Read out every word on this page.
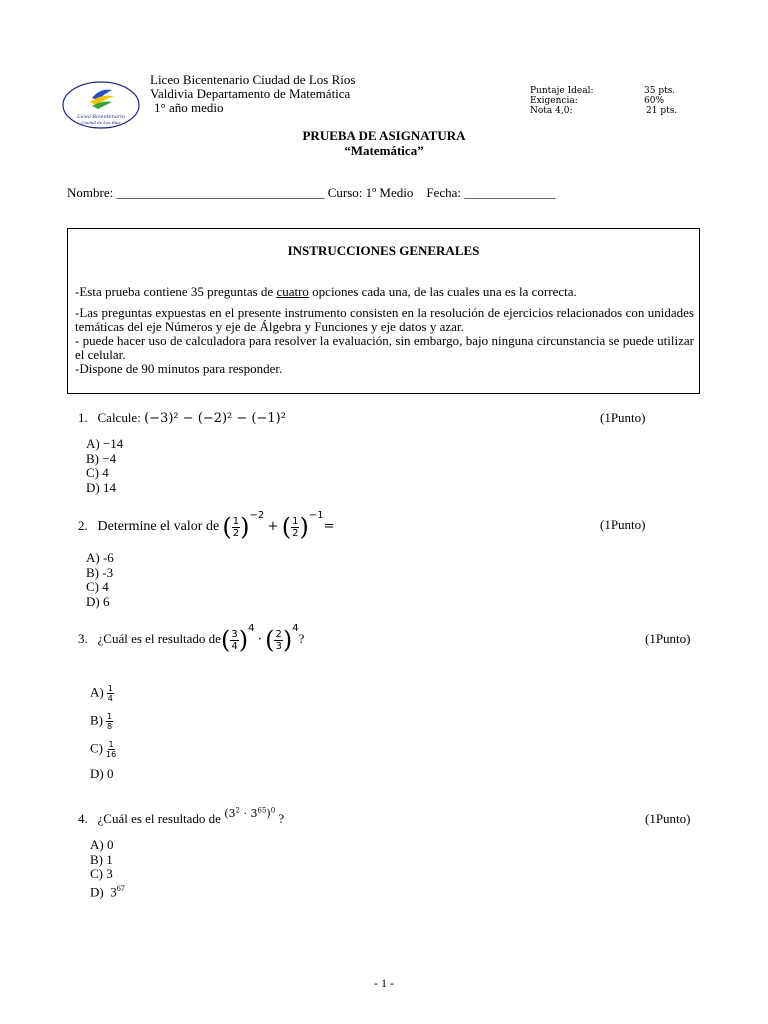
Liceo Bicentenario
Ciudad de Los Ríos
Liceo Bicentenario Ciudad de Los Ríos
Valdivia Departamento de Matemática
1° año medio
Puntaje Ideal:	35 pts.
Exigencia:	60%
Nota 4,0:	21 pts.
PRUEBA DE ASIGNATURA
“Matemática”
Nombre: ________________________________ Curso: 1º Medio Fecha: ______________
INSTRUCCIONES GENERALES
-Esta prueba contiene 35 preguntas de cuatro opciones cada una, de las cuales una es la correcta.
-Las preguntas expuestas en el presente instrumento consisten en la resolución de ejercicios relacionados con unidades temáticas del eje Números y eje de Álgebra y Funciones y eje datos y azar.
- puede hacer uso de calculadora para resolver la evaluación, sin embargo, bajo ninguna circunstancia se puede utilizar el celular.
-Dispone de 90 minutos para responder.
1. Calcule: (−3)² − (−2)² − (−1)²	(1Punto)
A) −14
B) −4
C) 4
D) 14
2. Determine el valor de ( $\frac{1}{2} )^{-2}$ + ( $\frac{1}{2} )^{-1}=$	(1Punto)
A) -6
B) -3
C) 4
D) 6
3. ¿Cuál es el resultado $de( \frac{3}{4} )^4$ · ( $\frac{2}{3} )^4$?	(1Punto)
$A) \frac{1}{4}$
$B) \frac{1}{8}$
$C) \frac{1}{16}$
D) 0
4. ¿Cuál es el resultado de $^{(3^2 \cdot 3^{65})^0}$ ?	(1Punto)
A) 0
B) 1
C) 3
D) $3^{67}$
- 1 -
